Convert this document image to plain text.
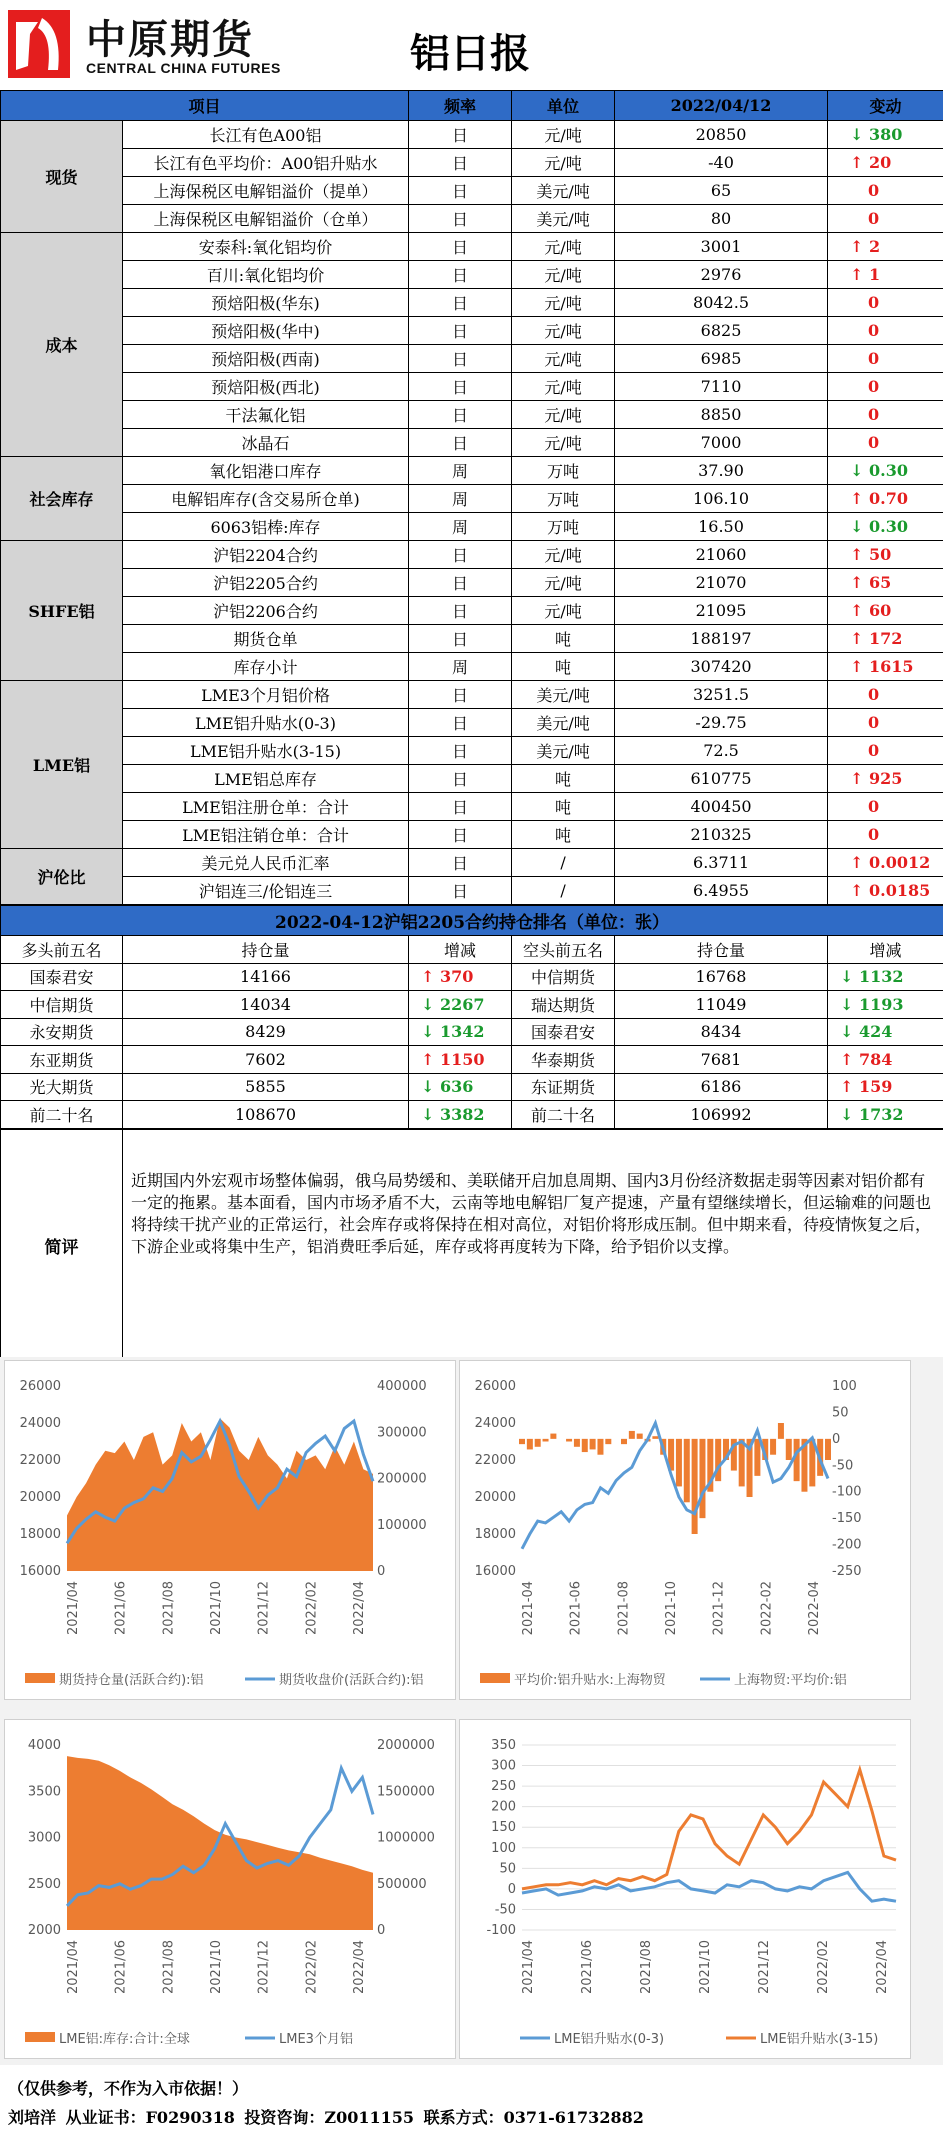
中原期货
CENTRAL CHINA FUTURES	铝日报
项目		频率	单位	2022/04/12	变动
现货	长江有色A00铝	日	元/吨	20850	↓ 380
	长江有色平均价：A00铝升贴水	日	元/吨	-40	↑ 20
	上海保税区电解铝溢价（提单）	日	美元/吨	65	0
	上海保税区电解铝溢价（仓单）	日	美元/吨	80	0
成本	安泰科:氧化铝均价	日	元/吨	3001	↑ 2
	百川:氧化铝均价	日	元/吨	2976	↑ 1
	预焙阳极(华东)	日	元/吨	8042.5	0
	预焙阳极(华中)	日	元/吨	6825	0
	预焙阳极(西南)	日	元/吨	6985	0
	预焙阳极(西北)	日	元/吨	7110	0
	干法氟化铝	日	元/吨	8850	0
	冰晶石	日	元/吨	7000	0
社会库存	氧化铝港口库存	周	万吨	37.90	↓ 0.30
	电解铝库存(含交易所仓单)	周	万吨	106.10	↑ 0.70
	6063铝棒:库存	周	万吨	16.50	↓ 0.30
SHFE铝	沪铝2204合约	日	元/吨	21060	↑ 50
	沪铝2205合约	日	元/吨	21070	↑ 65
	沪铝2206合约	日	元/吨	21095	↑ 60
	期货仓单	日	吨	188197	↑ 172
	库存小计	周	吨	307420	↑ 1615
LME铝	LME3个月铝价格	日	美元/吨	3251.5	0
	LME铝升贴水(0-3)	日	美元/吨	-29.75	0
	LME铝升贴水(3-15)	日	美元/吨	72.5	0
	LME铝总库存	日	吨	610775	↑ 925
	LME铝注册仓单：合计	日	吨	400450	0
	LME铝注销仓单：合计	日	吨	210325	0
沪伦比	美元兑人民币汇率	日	/	6.3711	↑ 0.0012
	沪铝连三/伦铝连三	日	/	6.4955	↑ 0.0185
2022-04-12沪铝2205合约持仓排名（单位：张）					
多头前五名	持仓量	增减	空头前五名	持仓量	增减
国泰君安	14166	↑ 370	中信期货	16768	↓ 1132
中信期货	14034	↓ 2267	瑞达期货	11049	↓ 1193
永安期货	8429	↓ 1342	国泰君安	8434	↓ 424
东亚期货	7602	↑ 1150	华泰期货	7681	↑ 784
光大期货	5855	↓ 636	东证期货	6186	↑ 159
前二十名	108670	↓ 3382	前二十名	106992	↓ 1732
简评	
近期国内外宏观市场整体偏弱，俄乌局势缓和、美联储开启加息周期、国内3月份经济数据走弱等因素对铝价都有一定的拖累。基本面看，国内市场矛盾不大，云南等地电解铝厂复产提速，产量有望继续增长，但运输难的问题也将持续干扰产业的正常运行，社会库存或将保持在相对高位，对铝价将形成压制。但中期来看，待疫情恢复之后，下游企业或将集中生产，铝消费旺季后延，库存或将再度转为下降，给予铝价以支撑。
16000
18000
20000
22000
24000
26000
0
100000
200000
300000
400000
2021/04	2021/06	2021/08	2021/10	2021/12	2022/02	2022/04
期货持仓量(活跃合约):铝	期货收盘价(活跃合约):铝
16000
18000
20000
22000
24000
26000	100
50
0
-50
-100
-150
-200
-250
2021-04	2021-06	2021-08	2021-10	2021-12	2022-02	2022-04
平均价:铝升贴水:上海物贸	上海物贸:平均价:铝
2000
2500
3000
3500
4000
0
500000
1000000
1500000
2000000
2021/04	2021/06	2021/08	2021/10	2021/12	2022/02	2022/04
LME铝:库存:合计:全球	LME3个月铝
-100
-50
0
50
100
150
200
250
300
350
2021/04	2021/06	2021/08	2021/10	2021/12	2022/02	2022/04
LME铝升贴水(0-3)	LME铝升贴水(3-15)
（仅供参考，不作为入市依据！）
刘培洋 从业证书：F0290318 投资咨询：Z0011155 联系方式：0371-61732882
